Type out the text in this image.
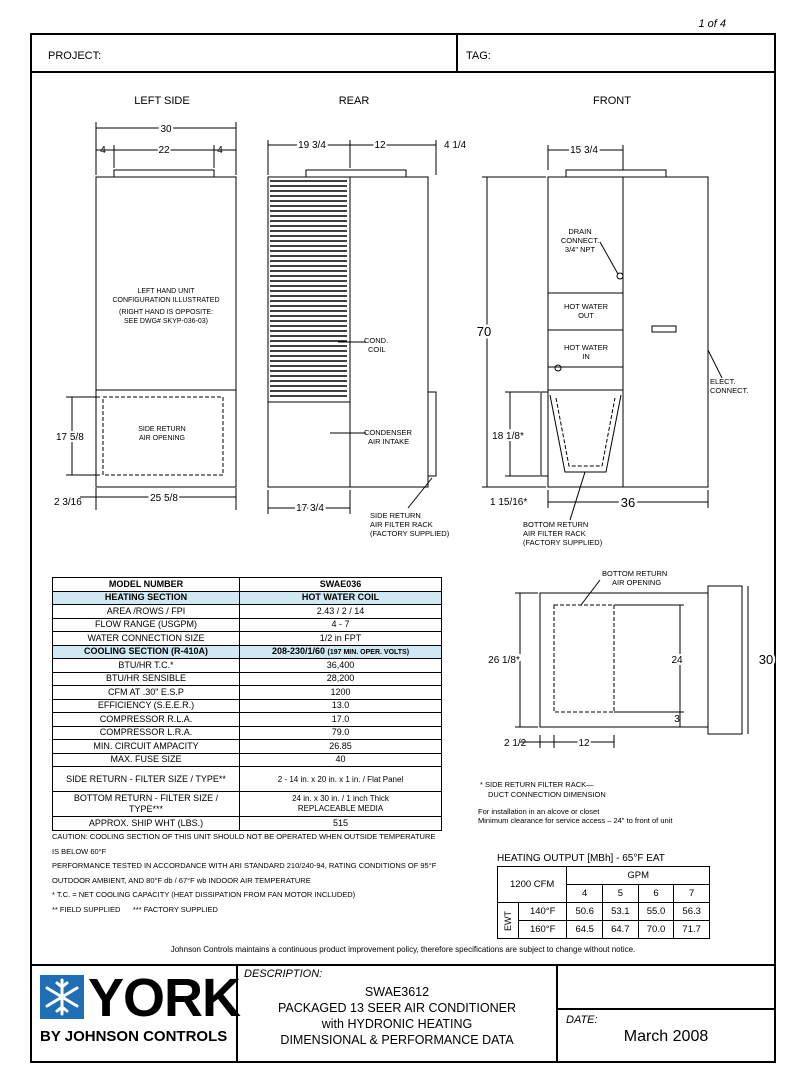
1 of 4
PROJECT:	TAG:
LEFT SIDE	REAR	FRONT
30
4	22	4
LEFT HAND UNIT
CONFIGURATION ILLUSTRATED
(RIGHT HAND IS OPPOSITE:
SEE DWG# SKYP-036-03)
SIDE RETURN
AIR OPENING
17 5/8
2 3/16	25 5/8
19 3/4	12	4 1/4
17 3/4
COND.
COIL
CONDENSER
AIR INTAKE
SIDE RETURN
AIR FILTER RACK
(FACTORY SUPPLIED)
15 3/4
70
18 1/8*
1 15/16*	36
DRAIN
CONNECT.
3/4" NPT
HOT WATER
OUT
HOT WATER
IN
ELECT.
CONNECT.
BOTTOM RETURN
AIR FILTER RACK
(FACTORY SUPPLIED)
BOTTOM RETURN
AIR OPENING
26 1/8*	24
3
30
2 1/2	12
* SIDE RETURN FILTER RACK—
DUCT CONNECTION DIMENSION
For installation in an alcove or closet
Minimum clearance for service access – 24" to front of unit
MODEL NUMBER	SWAE036
HEATING SECTION	HOT WATER COIL
AREA /ROWS / FPI	2.43 / 2 / 14
FLOW RANGE (USGPM)	4 - 7
WATER CONNECTION SIZE	1/2 in FPT
COOLING SECTION (R-410A)	208-230/1/60 (197 MIN. OPER. VOLTS)
BTU/HR T.C.*	36,400
BTU/HR SENSIBLE	28,200
CFM AT .30" E.S.P	1200
EFFICIENCY (S.E.E.R.)	13.0
COMPRESSOR R.L.A.	17.0
COMPRESSOR L.R.A.	79.0
MIN. CIRCUIT AMPACITY	26.85
MAX. FUSE SIZE	40
SIDE RETURN - FILTER SIZE / TYPE**	2 - 14 in. x 20 in. x 1 in. / Flat Panel
BOTTOM RETURN - FILTER SIZE / TYPE***	24 in. x 30 in. / 1 inch Thick
REPLACEABLE MEDIA

APPROX. SHIP WHT (LBS.)	515
CAUTION: COOLING SECTION OF THIS UNIT SHOULD NOT BE OPERATED WHEN OUTSIDE TEMPERATURE
IS BELOW 60°F
PERFORMANCE TESTED IN ACCORDANCE WITH ARI STANDARD 210/240-94, RATING CONDITIONS OF 95°F
OUTDOOR AMBIENT, AND 80°F db / 67°F wb INDOOR AIR TEMPERATURE
* T.C. = NET COOLING CAPACITY (HEAT DISSIPATION FROM FAN MOTOR INCLUDED)
** FIELD SUPPLIED      *** FACTORY SUPPLIED
HEATING OUTPUT [MBh] - 65°F EAT
1200 CFM		GPM			
		4	5	6	7

EWT	140°F	50.6	53.1	55.0	56.3
	160°F	64.5	64.7	70.0	71.7
Johnson Controls maintains a continuous product improvement policy, therefore specifications are subject to change without notice.
YORK
BY JOHNSON CONTROLS
DESCRIPTION:
SWAE3612
PACKAGED 13 SEER AIR CONDITIONER
with HYDRONIC HEATING
DIMENSIONAL & PERFORMANCE DATA
DATE:
March 2008
